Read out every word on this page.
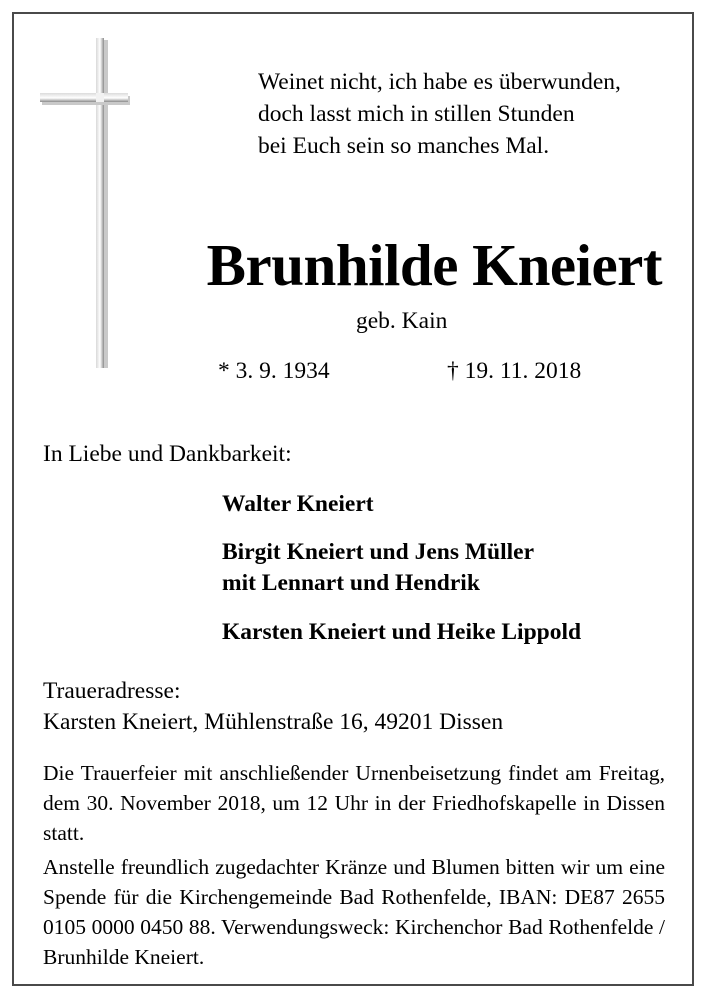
Weinet nicht, ich habe es überwunden,
doch lasst mich in stillen Stunden
bei Euch sein so manches Mal.
Brunhilde Kneiert
geb. Kain
* 3. 9. 1934	† 19. 11. 2018
In Liebe und Dankbarkeit:
Walter Kneiert
Birgit Kneiert und Jens Müller
mit Lennart und Hendrik
Karsten Kneiert und Heike Lippold
Traueradresse:
Karsten Kneiert, Mühlenstraße 16, 49201 Dissen
Die Trauerfeier mit anschließender Urnenbeisetzung findet am Freitag, dem 30. November 2018, um 12 Uhr in der Friedhofskapelle in Dissen statt.
Anstelle freundlich zugedachter Kränze und Blumen bitten wir um eine Spende für die Kirchengemeinde Bad Rothenfelde, IBAN: DE87 2655 0105 0000 0450 88. Verwendungsweck: Kirchenchor Bad Rothenfelde / Brunhilde Kneiert.
